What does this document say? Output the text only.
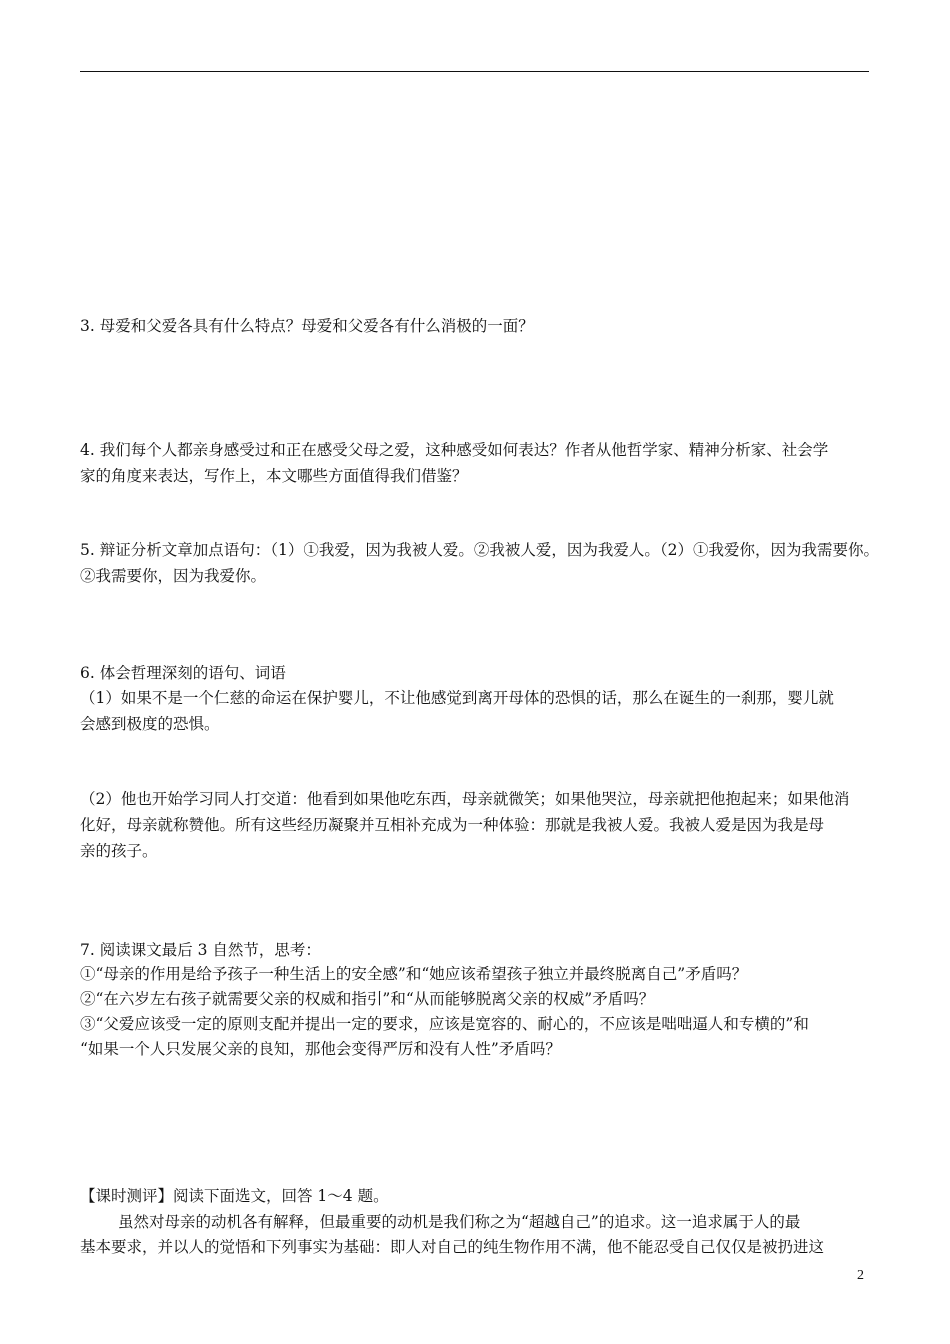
3. 母爱和父爱各具有什么特点？母爱和父爱各有什么消极的一面？
4. 我们每个人都亲身感受过和正在感受父母之爱，这种感受如何表达？作者从他哲学家、精神分析家、社会学
家的角度来表达，写作上，本文哪些方面值得我们借鉴？
5. 辩证分析文章加点语句：（1）①我爱，因为我被人爱。②我被人爱，因为我爱人。（2）①我爱你，因为我需要你。
②我需要你，因为我爱你。
6. 体会哲理深刻的语句、词语
（1）如果不是一个仁慈的命运在保护婴儿，不让他感觉到离开母体的恐惧的话，那么在诞生的一刹那，婴儿就
会感到极度的恐惧。
（2）他也开始学习同人打交道：他看到如果他吃东西，母亲就微笑；如果他哭泣，母亲就把他抱起来；如果他消
化好，母亲就称赞他。所有这些经历凝聚并互相补充成为一种体验：那就是我被人爱。我被人爱是因为我是母
亲的孩子。
7. 阅读课文最后 3 自然节，思考：
①“母亲的作用是给予孩子一种生活上的安全感”和“她应该希望孩子独立并最终脱离自己”矛盾吗？
②“在六岁左右孩子就需要父亲的权威和指引”和“从而能够脱离父亲的权威”矛盾吗？
③“父爱应该受一定的原则支配并提出一定的要求，应该是宽容的、耐心的，不应该是咄咄逼人和专横的”和
“如果一个人只发展父亲的良知，那他会变得严厉和没有人性”矛盾吗？
【课时测评】阅读下面选文，回答 1～4 题。
虽然对母亲的动机各有解释，但最重要的动机是我们称之为“超越自己”的追求。这一追求属于人的最
基本要求，并以人的觉悟和下列事实为基础：即人对自己的纯生物作用不满，他不能忍受自己仅仅是被扔进这
2
